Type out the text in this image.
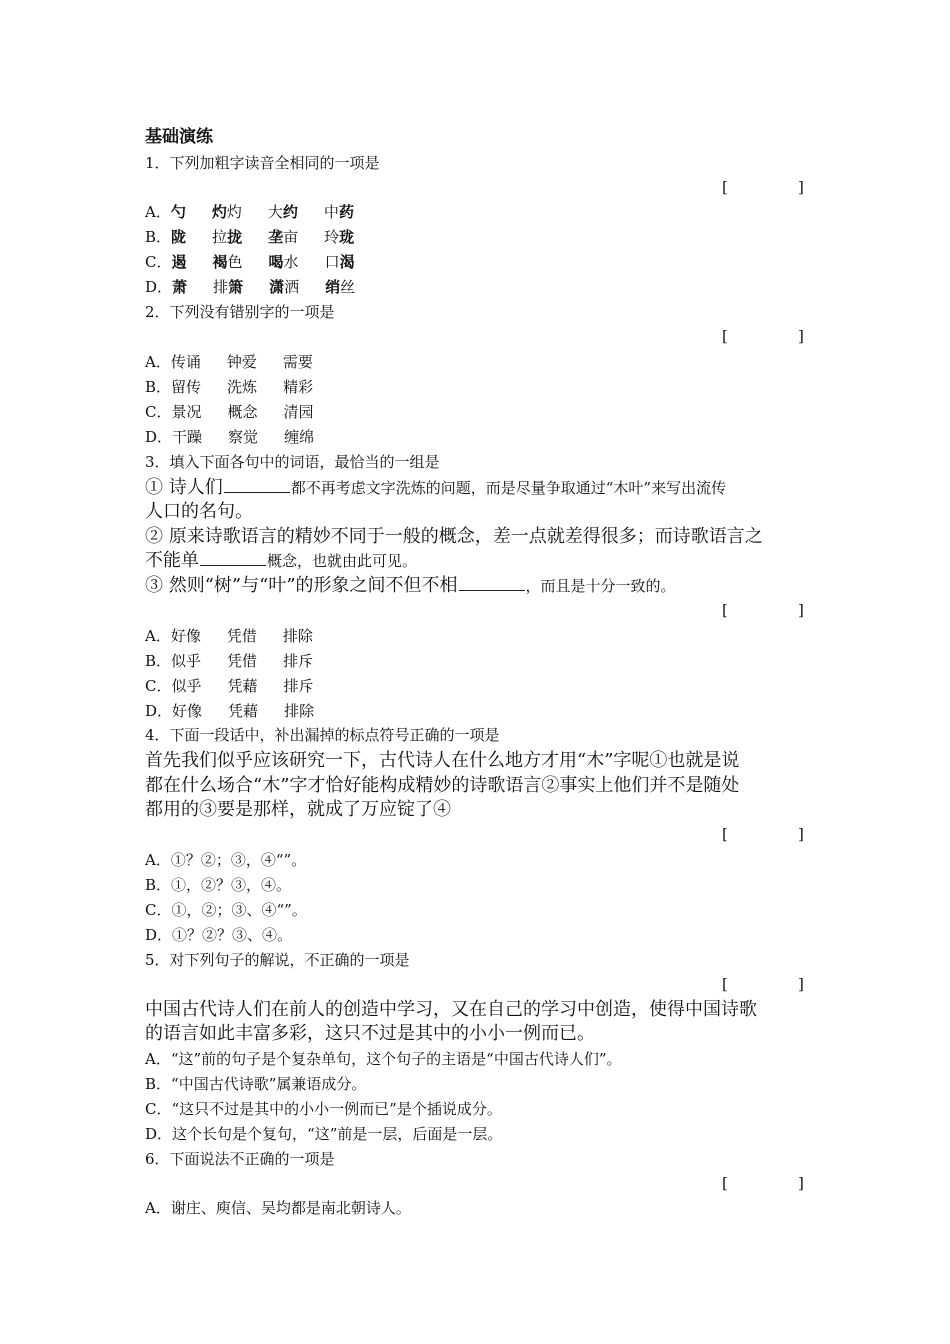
基础演练
1．下列加粗字读音全相同的一项是
[	]
A．勺 灼灼 大约 中药
B．陇 拉拢 垄亩 玲珑
C．遏 褐色 喝水 口渴
D．萧 排箫 潇洒 绡丝
2．下列没有错别字的一项是
[	]
A．传诵 钟爱 需要
B．留传 洗炼 精彩
C．景况 概念 清园
D．干躁 察觉 缠绵
3．填入下面各句中的词语，最恰当的一组是
① 诗人们	都不再考虑文字洗炼的问题，而是尽量争取通过“木叶”来写出流传
人口的名句。
② 原来诗歌语言的精妙不同于一般的概念，差一点就差得很多；而诗歌语言之
不能单	概念，也就由此可见。
③ 然则“树”与“叶”的形象之间不但不相	，而且是十分一致的。
[	]
A．好像 凭借 排除
B．似乎 凭借 排斥
C．似乎 凭藉 排斥
D．好像 凭藉 排除
4．下面一段话中，补出漏掉的标点符号正确的一项是
首先我们似乎应该研究一下，古代诗人在什么地方才用“木”字呢①也就是说
都在什么场合“木”字才恰好能构成精妙的诗歌语言②事实上他们并不是随处
都用的③要是那样，就成了万应锭了④
[	]
A．①？②；③，④“”。
B．①，②？③，④。
C．①，②；③、④“”。
D．①？②？③、④。
5．对下列句子的解说，不正确的一项是
[	]
中国古代诗人们在前人的创造中学习，又在自己的学习中创造，使得中国诗歌
的语言如此丰富多彩，这只不过是其中的小小一例而已。
A．“这”前的句子是个复杂单句，这个句子的主语是“中国古代诗人们”。
B．“中国古代诗歌”属兼语成分。
C．“这只不过是其中的小小一例而已”是个插说成分。
D．这个长句是个复句，“这”前是一层，后面是一层。
6．下面说法不正确的一项是
[	]
A．谢庄、庾信、吴均都是南北朝诗人。
